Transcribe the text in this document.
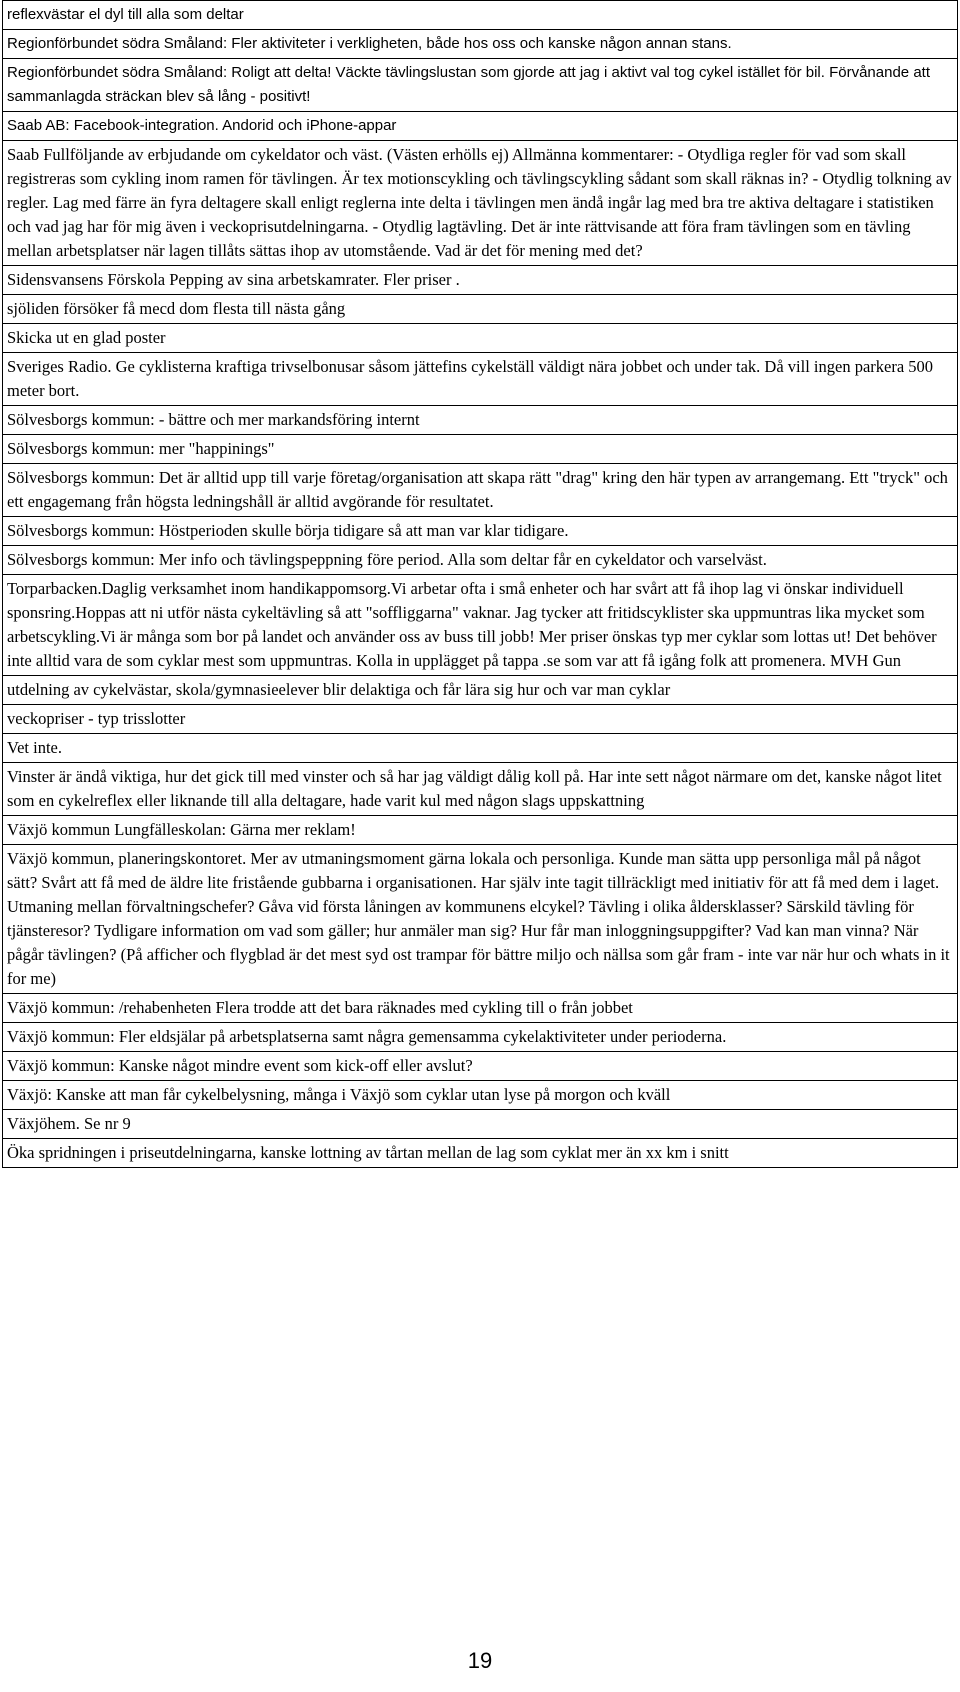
reflexvästar el dyl till alla som deltar
Regionförbundet södra Småland: Fler aktiviteter i verkligheten, både hos oss och kanske någon annan stans.
Regionförbundet södra Småland: Roligt att delta! Väckte tävlingslustan som gjorde att jag i aktivt val tog cykel istället för bil. Förvånande att sammanlagda sträckan blev så lång - positivt!
Saab AB: Facebook-integration. Andorid och iPhone-appar
Saab Fullföljande av erbjudande om cykeldator och väst. (Västen erhölls ej) Allmänna kommentarer: - Otydliga regler för vad som skall registreras som cykling inom ramen för tävlingen. Är tex motionscykling och tävlingscykling sådant som skall räknas in? - Otydlig tolkning av regler. Lag med färre än fyra deltagere skall enligt reglerna inte delta i tävlingen men ändå ingår lag med bra tre aktiva deltagare i statistiken och vad jag har för mig även i veckoprisutdelningarna. - Otydlig lagtävling. Det är inte rättvisande att föra fram tävlingen som en tävling mellan arbetsplatser när lagen tillåts sättas ihop av utomstående. Vad är det för mening med det?
Sidensvansens Förskola Pepping av sina arbetskamrater. Fler priser .
sjöliden försöker få mecd dom flesta till nästa gång
Skicka ut en glad poster
Sveriges Radio. Ge cyklisterna kraftiga trivselbonusar såsom jättefins cykelställ väldigt nära jobbet och under tak. Då vill ingen parkera 500 meter bort.
Sölvesborgs kommun: - bättre och mer markandsföring internt
Sölvesborgs kommun: mer "happinings"
Sölvesborgs kommun: Det är alltid upp till varje företag/organisation att skapa rätt "drag" kring den här typen av arrangemang. Ett "tryck" och ett engagemang från högsta ledningshåll är alltid avgörande för resultatet.
Sölvesborgs kommun: Höstperioden skulle börja tidigare så att man var klar tidigare.
Sölvesborgs kommun: Mer info och tävlingspeppning före period. Alla som deltar får en cykeldator och varselväst.
Torparbacken.Daglig verksamhet inom handikappomsorg.Vi arbetar ofta i små enheter och har svårt att få ihop lag vi önskar individuell sponsring.Hoppas att ni utför nästa cykeltävling så att "soffliggarna" vaknar. Jag tycker att fritidscyklister ska uppmuntras lika mycket som arbetscykling.Vi är många som bor på landet och använder oss av buss till jobb! Mer priser önskas typ mer cyklar som lottas ut! Det behöver inte alltid vara de som cyklar mest som uppmuntras. Kolla in upplägget på tappa .se som var att få igång folk att promenera. MVH Gun
utdelning av cykelvästar, skola/gymnasieelever blir delaktiga och får lära sig hur och var man cyklar
veckopriser - typ trisslotter
Vet inte.
Vinster är ändå viktiga, hur det gick till med vinster och så har jag väldigt dålig koll på. Har inte sett något närmare om det, kanske något litet som en cykelreflex eller liknande till alla deltagare, hade varit kul med någon slags uppskattning
Växjö kommun Lungfälleskolan: Gärna mer reklam!
Växjö kommun, planeringskontoret. Mer av utmaningsmoment gärna lokala och personliga. Kunde man sätta upp personliga mål på något sätt? Svårt att få med de äldre lite fristående gubbarna i organisationen. Har själv inte tagit tillräckligt med initiativ för att få med dem i laget. Utmaning mellan förvaltningschefer? Gåva vid första låningen av kommunens elcykel? Tävling i olika åldersklasser? Särskild tävling för tjänsteresor? Tydligare information om vad som gäller; hur anmäler man sig? Hur får man inloggningsuppgifter? Vad kan man vinna? När pågår tävlingen? (På afficher och flygblad är det mest syd ost trampar för bättre miljo och nällsa som går fram - inte var när hur och whats in it for me)
Växjö kommun: /rehabenheten Flera trodde att det bara räknades med cykling till o från jobbet
Växjö kommun: Fler eldsjälar på arbetsplatserna samt några gemensamma cykelaktiviteter under perioderna.
Växjö kommun: Kanske något mindre event som kick-off eller avslut?
Växjö: Kanske att man får cykelbelysning, många i Växjö som cyklar utan lyse på morgon och kväll
Växjöhem. Se nr 9
Öka spridningen i priseutdelningarna, kanske lottning av tårtan mellan de lag som cyklat mer än xx km i snitt
19
